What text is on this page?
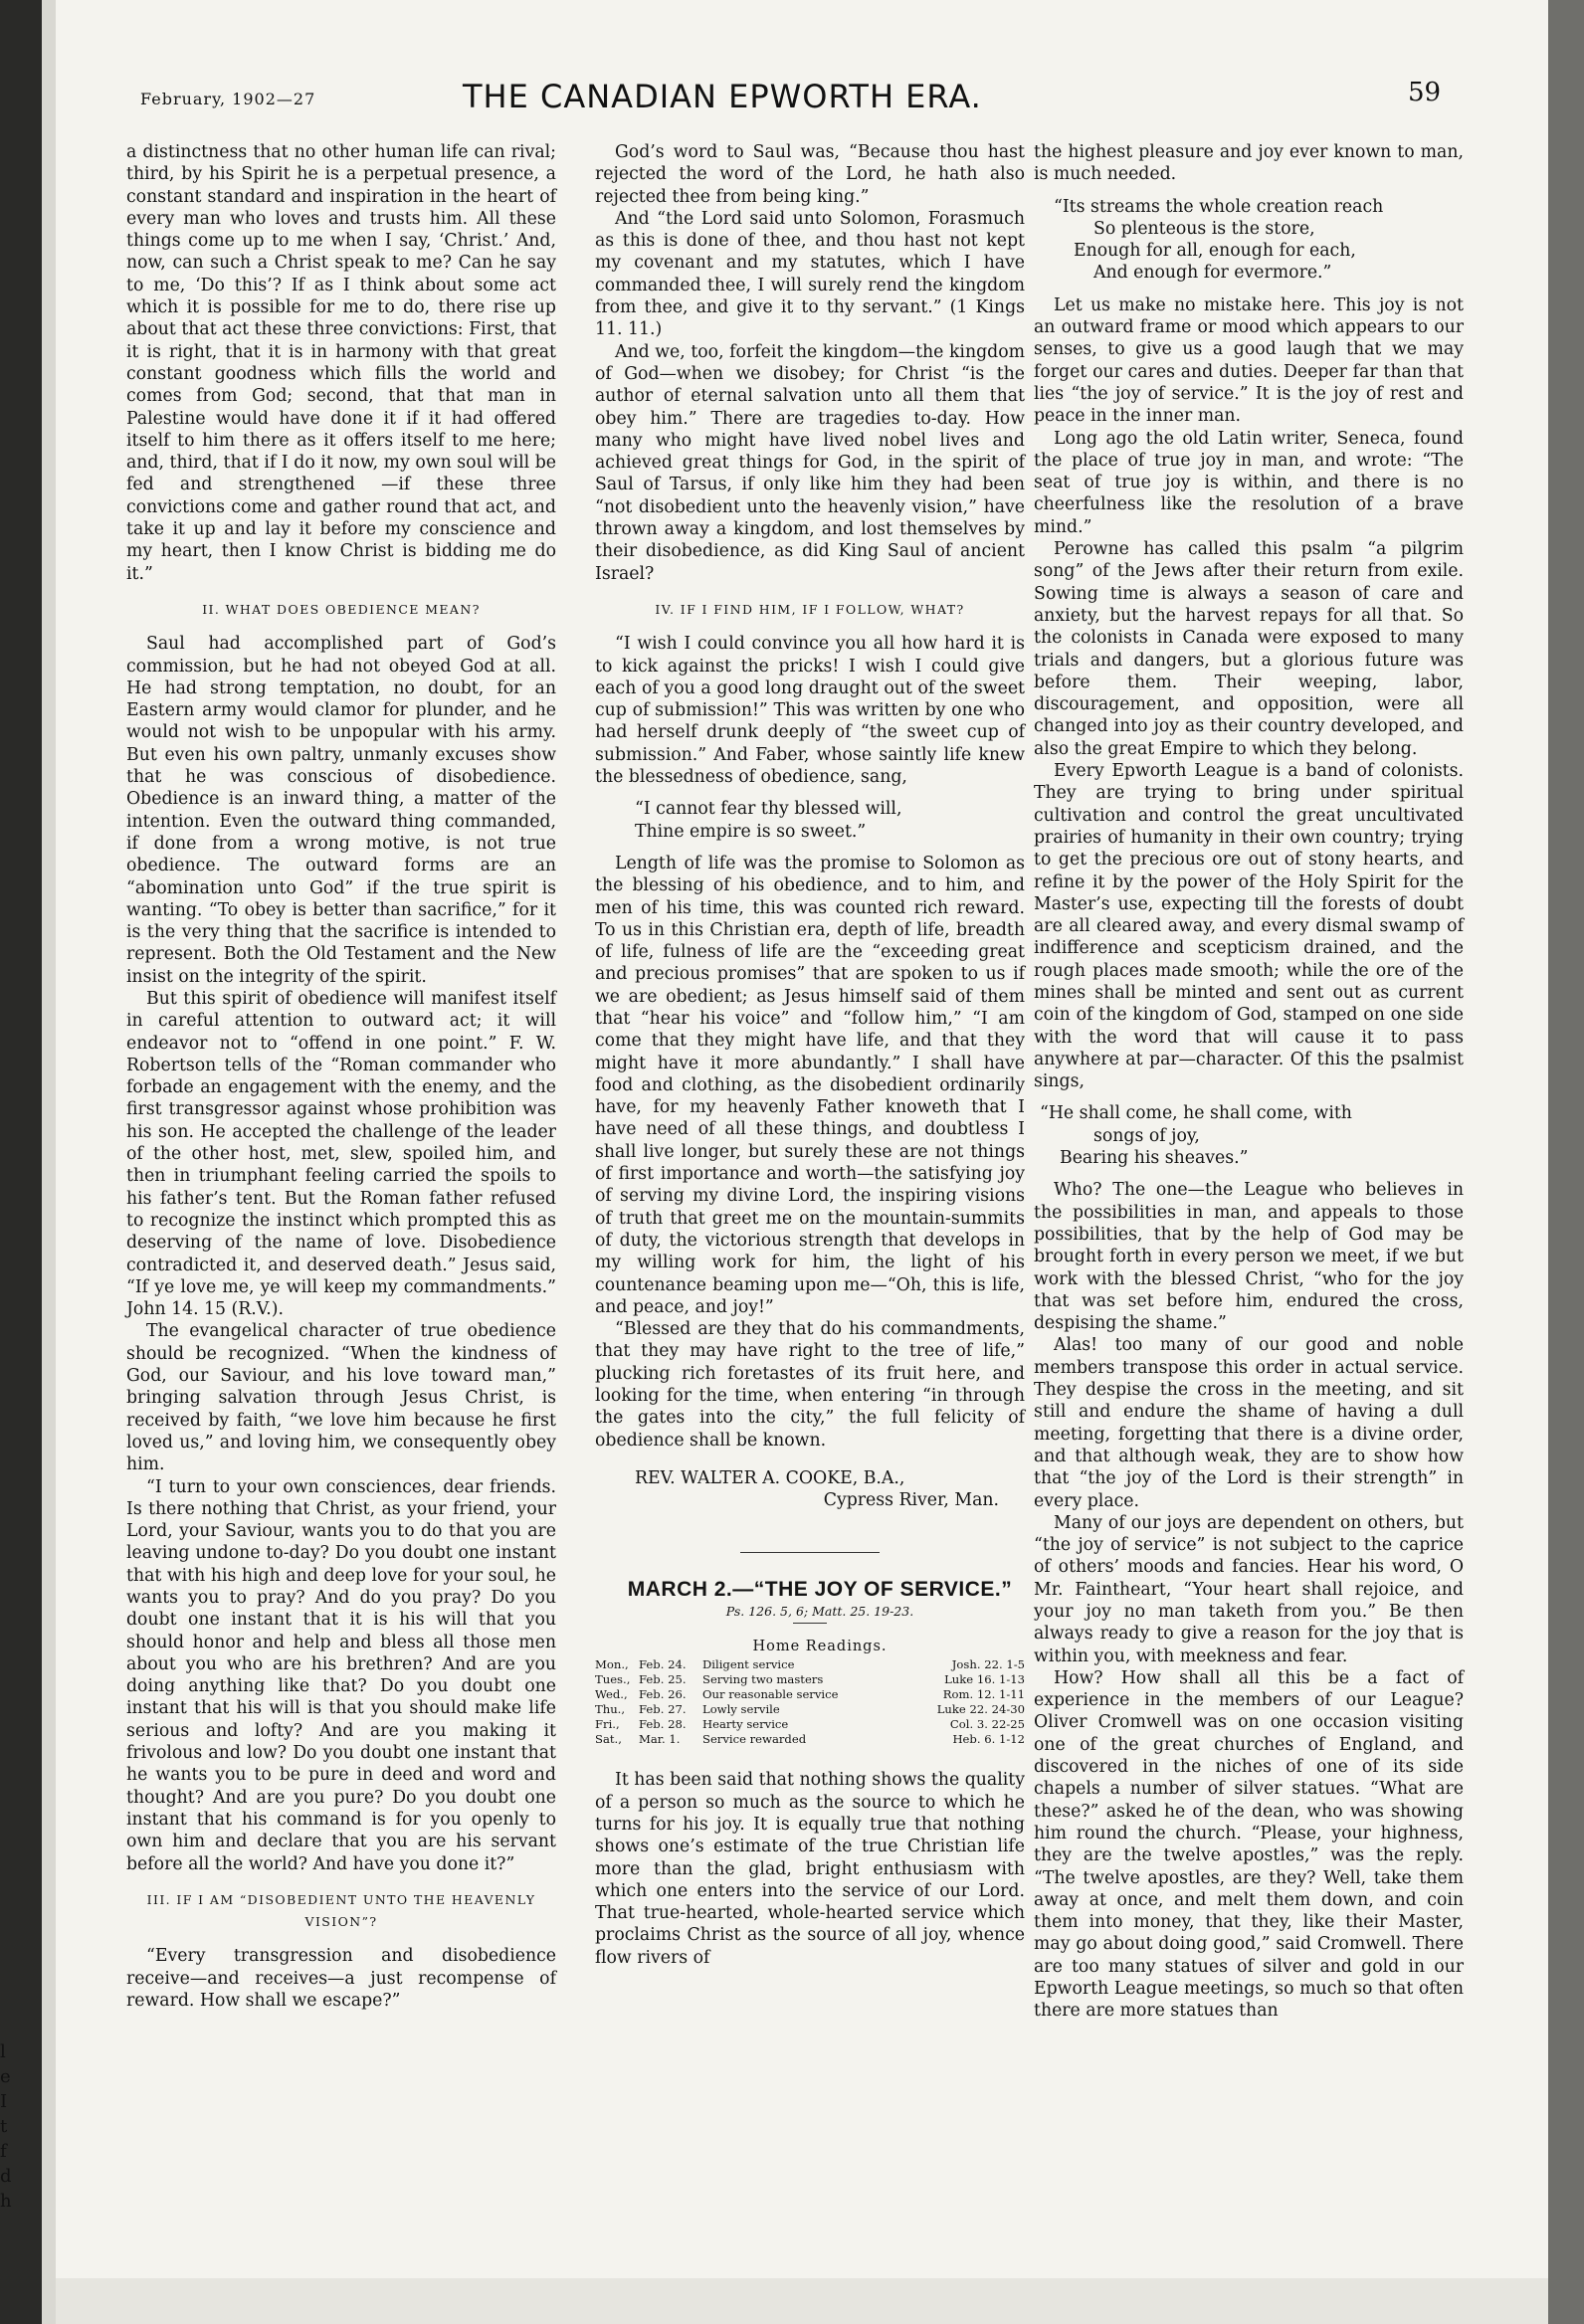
l
e
I
t
f
d
h
February, 1902—27	THE CANADIAN EPWORTH ERA.	59

a distinctness that no other human life can rival; third, by his Spirit he is a perpetual presence, a constant standard and inspiration in the heart of every man who loves and trusts him. All these things come up to me when I say, ‘Christ.’ And, now, can such a Christ speak to me? Can he say to me, ‘Do this’? If as I think about some act which it is possible for me to do, there rise up about that act these three convictions: First, that it is right, that it is in harmony with that great constant goodness which fills the world and comes from God; second, that that man in Palestine would have done it if it had offered itself to him there as it offers itself to me here; and, third, that if I do it now, my own soul will be fed and strengthened —if these three convictions come and gather round that act, and take it up and lay it before my conscience and my heart, then I know Christ is bidding me do it.”

II. WHAT DOES OBEDIENCE MEAN?

Saul had accomplished part of God’s commission, but he had not obeyed God at all. He had strong temptation, no doubt, for an Eastern army would clamor for plunder, and he would not wish to be unpopular with his army. But even his own paltry, unmanly excuses show that he was conscious of disobedience. Obedience is an inward thing, a matter of the intention. Even the outward thing commanded, if done from a wrong motive, is not true obedience. The outward forms are an “abomination unto God” if the true spirit is wanting. “To obey is better than sacrifice,” for it is the very thing that the sacrifice is intended to represent. Both the Old Testament and the New insist on the integrity of the spirit.

But this spirit of obedience will manifest itself in careful attention to outward act; it will endeavor not to “offend in one point.” F. W. Robertson tells of the “Roman commander who forbade an engagement with the enemy, and the first transgressor against whose prohibition was his son. He accepted the challenge of the leader of the other host, met, slew, spoiled him, and then in triumphant feeling carried the spoils to his father’s tent. But the Roman father refused to recognize the instinct which prompted this as deserving of the name of love. Disobedience contradicted it, and deserved death.” Jesus said, “If ye love me, ye will keep my commandments.” John 14. 15 (R.V.).

The evangelical character of true obedience should be recognized. “When the kindness of God, our Saviour, and his love toward man,” bringing salvation through Jesus Christ, is received by faith, “we love him because he first loved us,” and loving him, we consequently obey him.

“I turn to your own consciences, dear friends. Is there nothing that Christ, as your friend, your Lord, your Saviour, wants you to do that you are leaving undone to-day? Do you doubt one instant that with his high and deep love for your soul, he wants you to pray? And do you pray? Do you doubt one instant that it is his will that you should honor and help and bless all those men about you who are his brethren? And are you doing anything like that? Do you doubt one instant that his will is that you should make life serious and lofty? And are you making it frivolous and low? Do you doubt one instant that he wants you to be pure in deed and word and thought? And are you pure? Do you doubt one instant that his command is for you openly to own him and declare that you are his servant before all the world? And have you done it?”

III. IF I AM “DISOBEDIENT UNTO THE HEAVENLY VISION”?

“Every transgression and disobedience receive—and receives—a just recompense of reward. How shall we escape?”

God’s word to Saul was, “Because thou hast rejected the word of the Lord, he hath also rejected thee from being king.”

And “the Lord said unto Solomon, Forasmuch as this is done of thee, and thou hast not kept my covenant and my statutes, which I have commanded thee, I will surely rend the kingdom from thee, and give it to thy servant.” (1 Kings 11. 11.)

And we, too, forfeit the kingdom—the kingdom of God—when we disobey; for Christ “is the author of eternal salvation unto all them that obey him.” There are tragedies to-day. How many who might have lived nobel lives and achieved great things for God, in the spirit of Saul of Tarsus, if only like him they had been “not disobedient unto the heavenly vision,” have thrown away a kingdom, and lost themselves by their disobedience, as did King Saul of ancient Israel?

IV. IF I FIND HIM, IF I FOLLOW, WHAT?

“I wish I could convince you all how hard it is to kick against the pricks! I wish I could give each of you a good long draught out of the sweet cup of submission!” This was written by one who had herself drunk deeply of “the sweet cup of submission.” And Faber, whose saintly life knew the blessedness of obedience, sang,

“I cannot fear thy blessed will,
Thine empire is so sweet.”

Length of life was the promise to Solomon as the blessing of his obedience, and to him, and men of his time, this was counted rich reward. To us in this Christian era, depth of life, breadth of life, fulness of life are the “exceeding great and precious promises” that are spoken to us if we are obedient; as Jesus himself said of them that “hear his voice” and “follow him,” “I am come that they might have life, and that they might have it more abundantly.” I shall have food and clothing, as the disobedient ordinarily have, for my heavenly Father knoweth that I have need of all these things, and doubtless I shall live longer, but surely these are not things of first importance and worth—the satisfying joy of serving my divine Lord, the inspiring visions of truth that greet me on the mountain-summits of duty, the victorious strength that develops in my willing work for him, the light of his countenance beaming upon me—“Oh, this is life, and peace, and joy!”

“Blessed are they that do his commandments, that they may have right to the tree of life,” plucking rich foretastes of its fruit here, and looking for the time, when entering “in through the gates into the city,” the full felicity of obedience shall be known.

REV. WALTER A. COOKE, B.A.,

Cypress River, Man.

MARCH 2.—“THE JOY OF SERVICE.”

Ps. 126. 5, 6; Matt. 25. 19-23.

Home Readings.

Mon.,	Feb. 24.	Diligent service	Josh. 22. 1-5
Tues.,	Feb. 25.	Serving two masters	Luke 16. 1-13
Wed.,	Feb. 26.	Our reasonable service	Rom. 12. 1-11
Thu.,	Feb. 27.	Lowly servile	Luke 22. 24-30
Fri.,	Feb. 28.	Hearty service	Col. 3. 22-25
Sat.,	Mar. 1.	Service rewarded	Heb. 6. 1-12

It has been said that nothing shows the quality of a person so much as the source to which he turns for his joy. It is equally true that nothing shows one’s estimate of the true Christian life more than the glad, bright enthusiasm with which one enters into the service of our Lord. That true-hearted, whole-hearted service which proclaims Christ as the source of all joy, whence flow rivers of

the highest pleasure and joy ever known to man, is much needed.

“Its streams the whole creation reach
So plenteous is the store,
Enough for all, enough for each,
And enough for evermore.”

Let us make no mistake here. This joy is not an outward frame or mood which appears to our senses, to give us a good laugh that we may forget our cares and duties. Deeper far than that lies “the joy of service.” It is the joy of rest and peace in the inner man.

Long ago the old Latin writer, Seneca, found the place of true joy in man, and wrote: “The seat of true joy is within, and there is no cheerfulness like the resolution of a brave mind.”

Perowne has called this psalm “a pilgrim song” of the Jews after their return from exile. Sowing time is always a season of care and anxiety, but the harvest repays for all that. So the colonists in Canada were exposed to many trials and dangers, but a glorious future was before them. Their weeping, labor, discouragement, and opposition, were all changed into joy as their country developed, and also the great Empire to which they belong.

Every Epworth League is a band of colonists. They are trying to bring under spiritual cultivation and control the great uncultivated prairies of humanity in their own country; trying to get the precious ore out of stony hearts, and refine it by the power of the Holy Spirit for the Master’s use, expecting till the forests of doubt are all cleared away, and every dismal swamp of indifference and scepticism drained, and the rough places made smooth; while the ore of the mines shall be minted and sent out as current coin of the kingdom of God, stamped on one side with the word that will cause it to pass anywhere at par—character. Of this the psalmist sings,

“He shall come, he shall come, with
songs of joy,
Bearing his sheaves.”

Who? The one—the League who believes in the possibilities in man, and appeals to those possibilities, that by the help of God may be brought forth in every person we meet, if we but work with the blessed Christ, “who for the joy that was set before him, endured the cross, despising the shame.”

Alas! too many of our good and noble members transpose this order in actual service. They despise the cross in the meeting, and sit still and endure the shame of having a dull meeting, forgetting that there is a divine order, and that although weak, they are to show how that “the joy of the Lord is their strength” in every place.

Many of our joys are dependent on others, but “the joy of service” is not subject to the caprice of others’ moods and fancies. Hear his word, O Mr. Faintheart, “Your heart shall rejoice, and your joy no man taketh from you.” Be then always ready to give a reason for the joy that is within you, with meekness and fear.

How? How shall all this be a fact of experience in the members of our League? Oliver Cromwell was on one occasion visiting one of the great churches of England, and discovered in the niches of one of its side chapels a number of silver statues. “What are these?” asked he of the dean, who was showing him round the church. “Please, your highness, they are the twelve apostles,” was the reply. “The twelve apostles, are they? Well, take them away at once, and melt them down, and coin them into money, that they, like their Master, may go about doing good,” said Cromwell. There are too many statues of silver and gold in our Epworth League meetings, so much so that often there are more statues than
